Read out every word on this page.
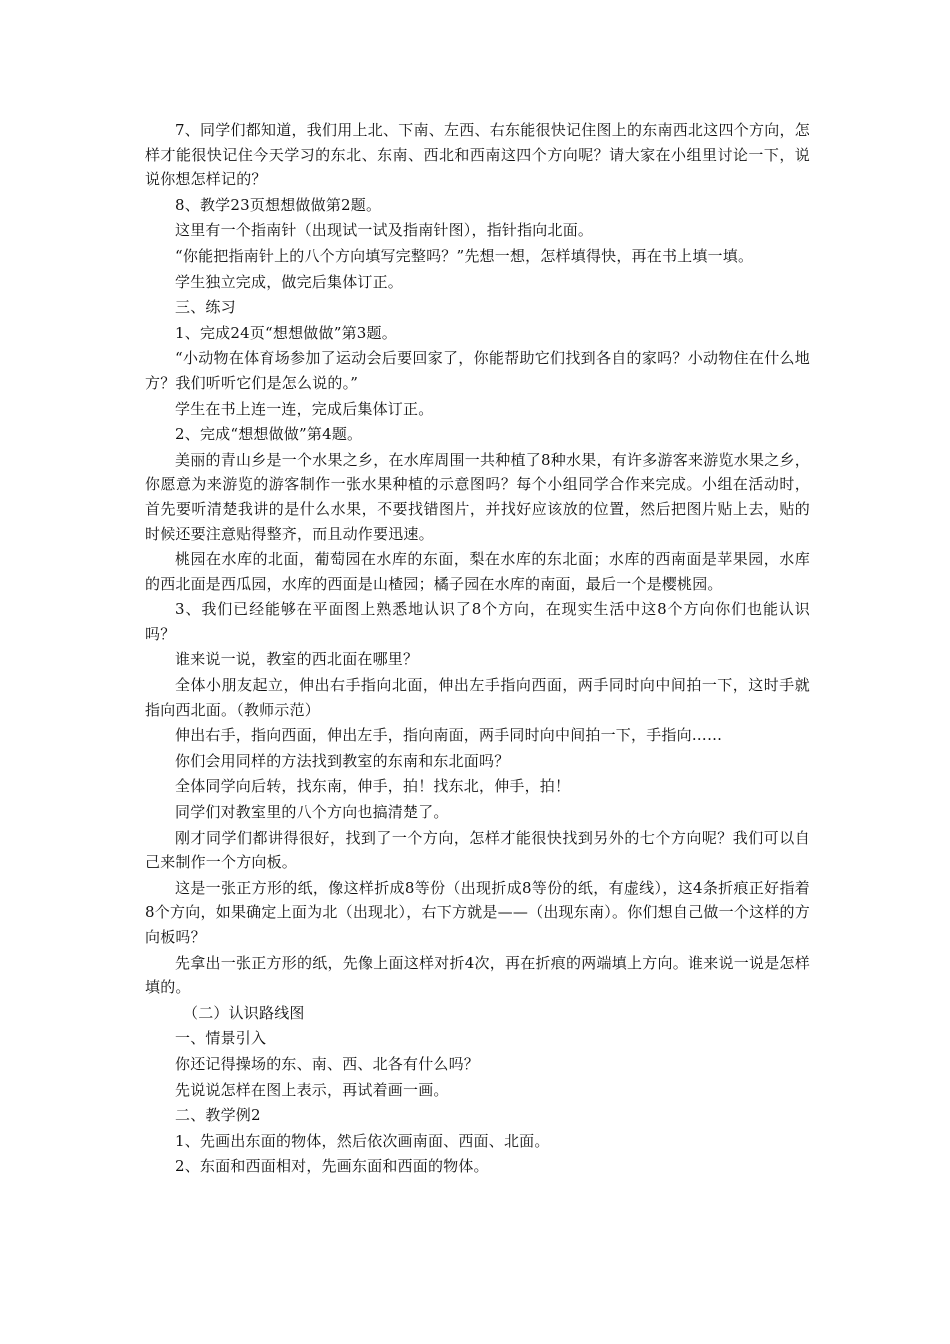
7、同学们都知道，我们用上北、下南、左西、右东能很快记住图上的东南西北这四个方向，怎样才能很快记住今天学习的东北、东南、西北和西南这四个方向呢？请大家在小组里讨论一下，说说你想怎样记的？

8、教学23页想想做做第2题。

这里有一个指南针（出现试一试及指南针图），指针指向北面。

“你能把指南针上的八个方向填写完整吗？”先想一想，怎样填得快，再在书上填一填。

学生独立完成，做完后集体订正。

三、练习

1、完成24页“想想做做”第3题。

“小动物在体育场参加了运动会后要回家了，你能帮助它们找到各自的家吗？小动物住在什么地方？我们听听它们是怎么说的。”

学生在书上连一连，完成后集体订正。

2、完成“想想做做”第4题。

美丽的青山乡是一个水果之乡，在水库周围一共种植了8种水果，有许多游客来游览水果之乡，你愿意为来游览的游客制作一张水果种植的示意图吗？每个小组同学合作来完成。小组在活动时，首先要听清楚我讲的是什么水果，不要找错图片，并找好应该放的位置，然后把图片贴上去，贴的时候还要注意贴得整齐，而且动作要迅速。

桃园在水库的北面，葡萄园在水库的东面，梨在水库的东北面；水库的西南面是苹果园，水库的西北面是西瓜园，水库的西面是山楂园；橘子园在水库的南面，最后一个是樱桃园。

3、我们已经能够在平面图上熟悉地认识了8个方向，在现实生活中这8个方向你们也能认识吗？

谁来说一说，教室的西北面在哪里？

全体小朋友起立，伸出右手指向北面，伸出左手指向西面，两手同时向中间拍一下，这时手就指向西北面。（教师示范）

伸出右手，指向西面，伸出左手，指向南面，两手同时向中间拍一下，手指向……

你们会用同样的方法找到教室的东南和东北面吗？

全体同学向后转，找东南，伸手，拍！找东北，伸手，拍！

同学们对教室里的八个方向也搞清楚了。

刚才同学们都讲得很好，找到了一个方向，怎样才能很快找到另外的七个方向呢？我们可以自己来制作一个方向板。

这是一张正方形的纸，像这样折成8等份（出现折成8等份的纸，有虚线），这4条折痕正好指着8个方向，如果确定上面为北（出现北），右下方就是——（出现东南）。你们想自己做一个这样的方向板吗？

先拿出一张正方形的纸，先像上面这样对折4次，再在折痕的两端填上方向。谁来说一说是怎样填的。

（二）认识路线图

一、情景引入

你还记得操场的东、南、西、北各有什么吗？

先说说怎样在图上表示，再试着画一画。

二、教学例2

1、先画出东面的物体，然后依次画南面、西面、北面。

2、东面和西面相对，先画东面和西面的物体。
